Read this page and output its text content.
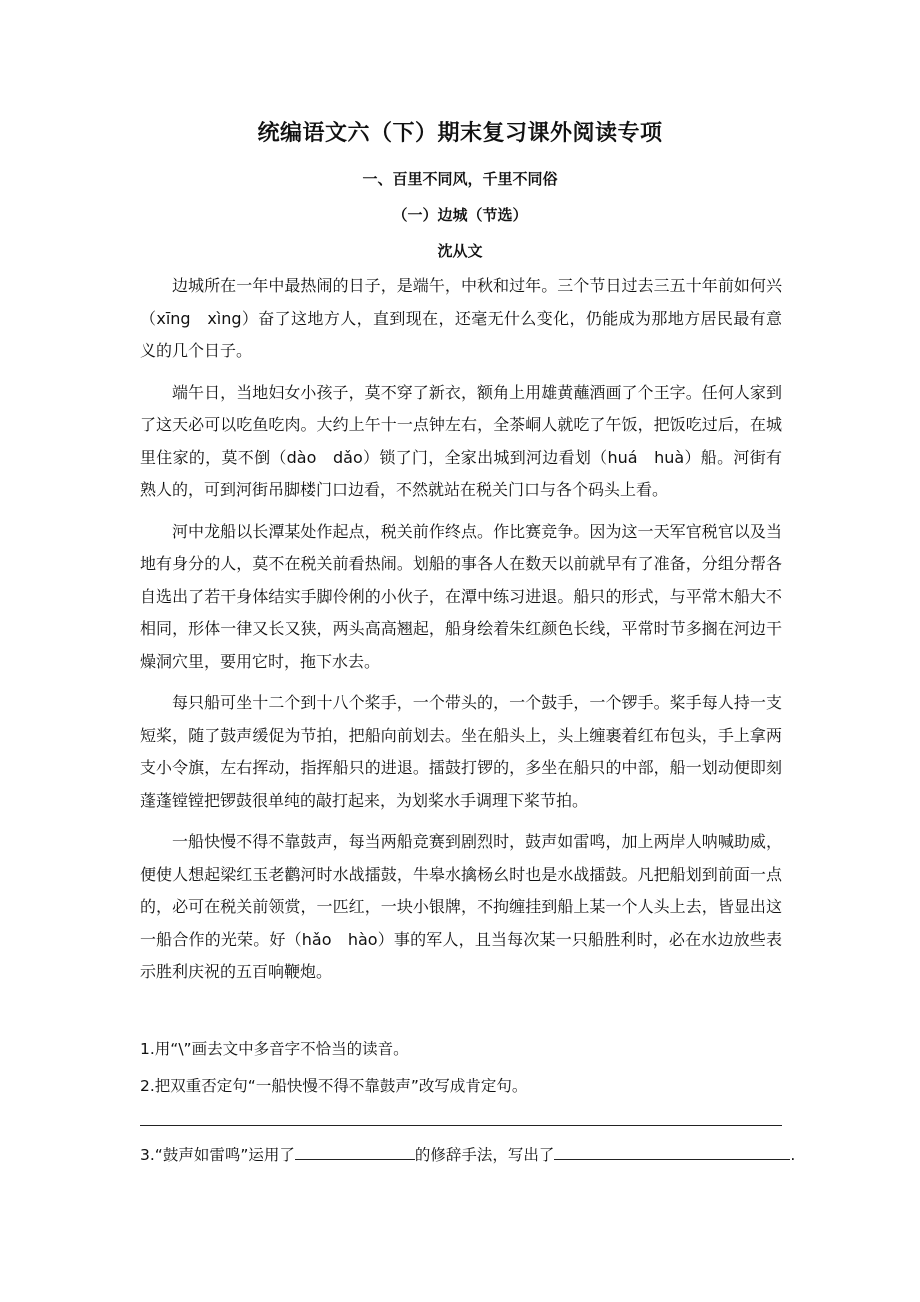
统编语文六（下）期末复习课外阅读专项
一、百里不同风，千里不同俗
（一）边城（节选）
沈从文

边城所在一年中最热闹的日子，是端午，中秋和过年。三个节日过去三五十年前如何兴（xīng　xìng）奋了这地方人，直到现在，还毫无什么变化，仍能成为那地方居民最有意义的几个日子。

端午日，当地妇女小孩子，莫不穿了新衣，额角上用雄黄蘸酒画了个王字。任何人家到了这天必可以吃鱼吃肉。大约上午十一点钟左右，全茶峒人就吃了午饭，把饭吃过后，在城里住家的，莫不倒（dào　dǎo）锁了门，全家出城到河边看划（huá　huà）船。河街有熟人的，可到河街吊脚楼门口边看，不然就站在税关门口与各个码头上看。

河中龙船以长潭某处作起点，税关前作终点。作比赛竞争。因为这一天军官税官以及当地有身分的人，莫不在税关前看热闹。划船的事各人在数天以前就早有了准备，分组分帮各自选出了若干身体结实手脚伶俐的小伙子，在潭中练习进退。船只的形式，与平常木船大不相同，形体一律又长又狭，两头高高翘起，船身绘着朱红颜色长线，平常时节多搁在河边干燥洞穴里，要用它时，拖下水去。

每只船可坐十二个到十八个桨手，一个带头的，一个鼓手，一个锣手。桨手每人持一支短桨，随了鼓声缓促为节拍，把船向前划去。坐在船头上，头上缠裹着红布包头，手上拿两支小令旗，左右挥动，指挥船只的进退。擂鼓打锣的，多坐在船只的中部，船一划动便即刻蓬蓬镗镗把锣鼓很单纯的敲打起来，为划桨水手调理下桨节拍。

一船快慢不得不靠鼓声，每当两船竞赛到剧烈时，鼓声如雷鸣，加上两岸人呐喊助威，便使人想起梁红玉老鹳河时水战擂鼓，牛皋水擒杨幺时也是水战擂鼓。凡把船划到前面一点的，必可在税关前领赏，一匹红，一块小银牌，不拘缠挂到船上某一个人头上去，皆显出这一船合作的光荣。好（hǎo　hào）事的军人，且当每次某一只船胜利时，必在水边放些表示胜利庆祝的五百响鞭炮。

1.用“\”画去文中多音字不恰当的读音。
2.把双重否定句“一船快慢不得不靠鼓声”改写成肯定句。
3.“鼓声如雷鸣”运用了	的修辞手法，写出了	.
